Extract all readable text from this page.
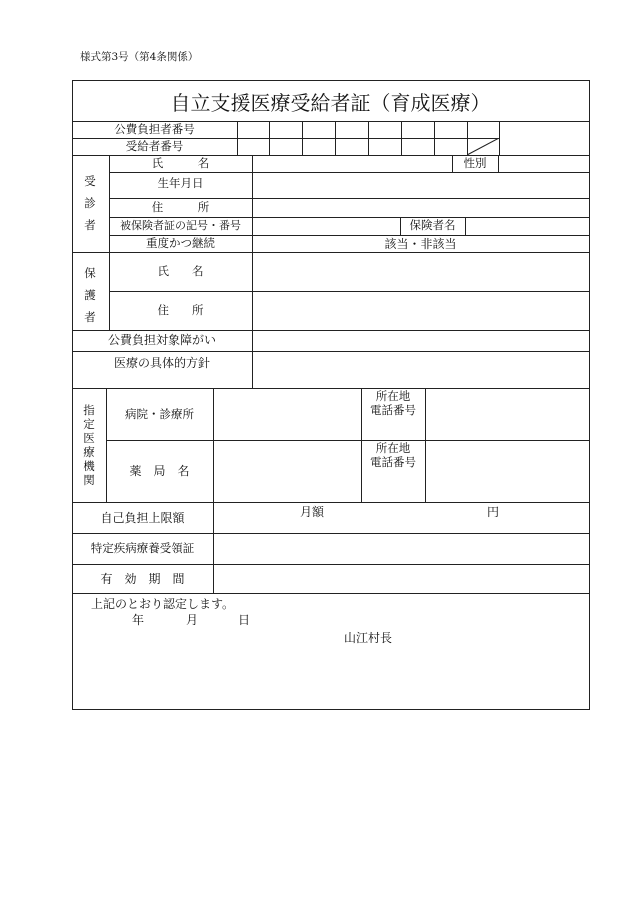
様式第3号（第4条関係）
自立支援医療受給者証（育成医療）
公費負担者番号
受給者番号
受診者
氏　　　名	性別
生年月日
住　　　所
被保険者証の記号・番号	保険者名
重度かつ継続	該当・非該当
保護者
氏　　名
住　　所
公費負担対象障がい
医療の具体的方針
指定医療機関
病院・診療所
所在地
電話番号
薬　局　名
所在地
電話番号
自己負担上限額	月額	円
特定疾病療養受領証
有　効　期　間
上記のとおり認定します。
年	月	日
山江村長
